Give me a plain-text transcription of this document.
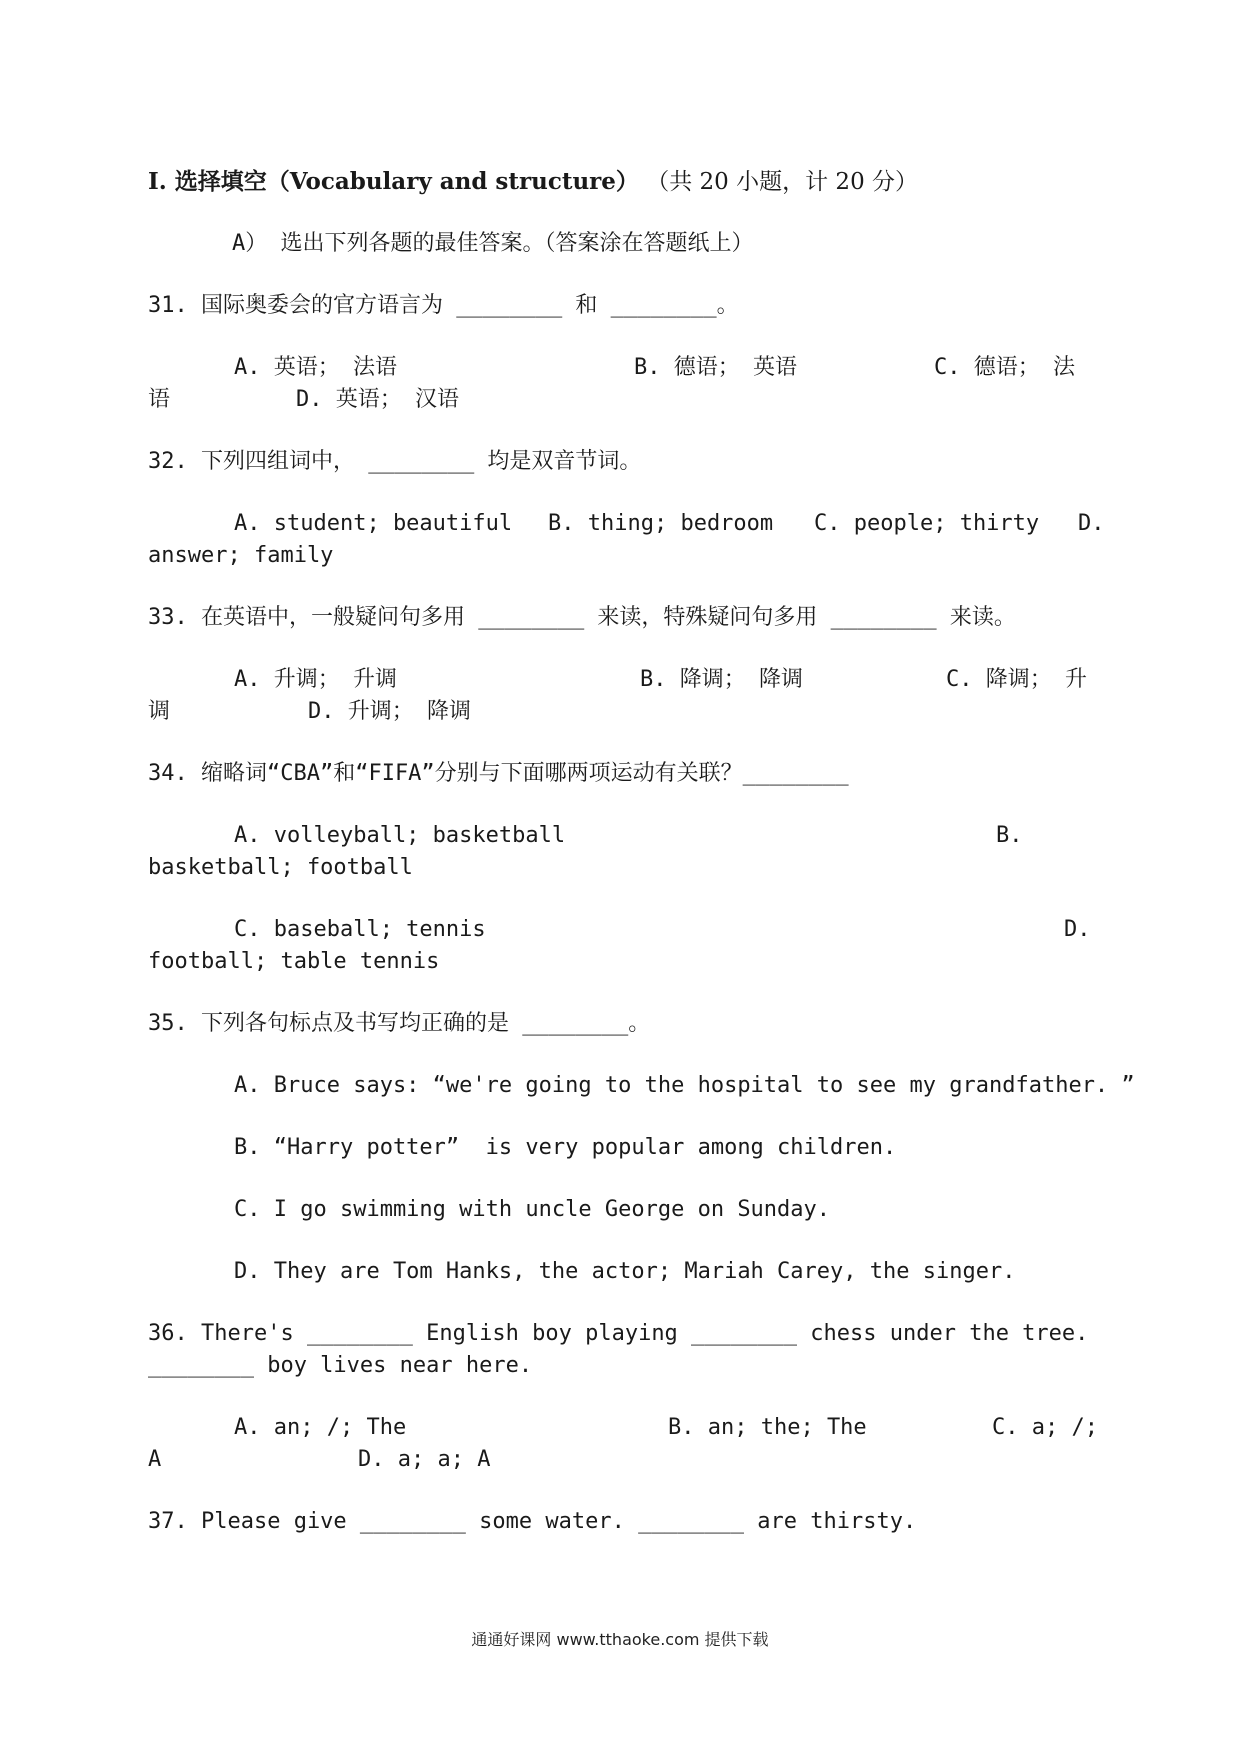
I. 选择填空（Vocabulary and structure） （共 20 小题，计 20 分）
A） 选出下列各题的最佳答案。（答案涂在答题纸上）
31. 国际奥委会的官方语言为 ________ 和 ________。
A. 英语； 法语	B. 德语； 英语	C. 德语； 法
语	D. 英语； 汉语
32. 下列四组词中， ________ 均是双音节词。
A. student; beautiful B. thing; bedroom C. people; thirty D.
answer; family
33. 在英语中，一般疑问句多用 ________ 来读，特殊疑问句多用 ________ 来读。
A. 升调； 升调	B. 降调； 降调	C. 降调； 升
调	D. 升调； 降调
34. 缩略词“CBA”和“FIFA”分别与下面哪两项运动有关联？________
A. volleyball; basketball	B.
basketball; football
C. baseball; tennis	D.
football; table tennis
35. 下列各句标点及书写均正确的是 ________。
A. Bruce says: “we're going to the hospital to see my grandfather. ”
B. “Harry potter”  is very popular among children.
C. I go swimming with uncle George on Sunday.
D. They are Tom Hanks, the actor; Mariah Carey, the singer.
36. There's ________ English boy playing ________ chess under the tree.
________ boy lives near here.
A. an; /; The	B. an; the; The	C. a; /;
A	D. a; a; A
37. Please give ________ some water. ________ are thirsty.
通通好课网 www.tthaoke.com 提供下载
